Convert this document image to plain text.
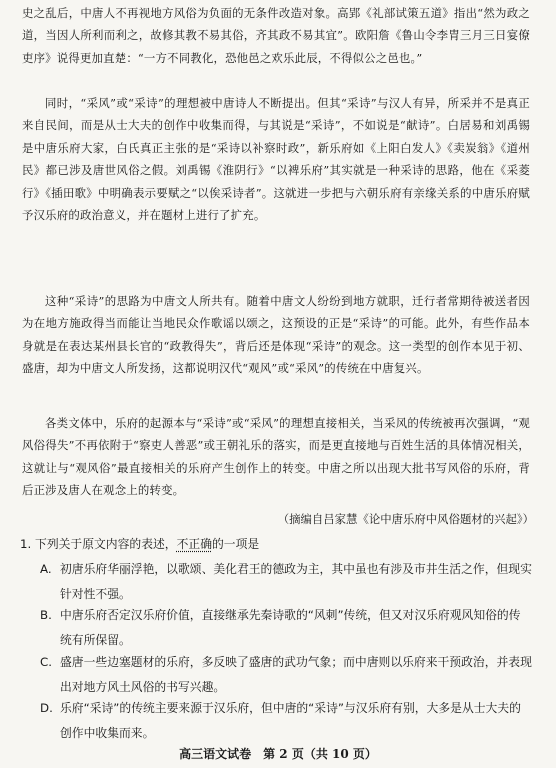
史之乱后，中唐人不再视地方风俗为负面的无条件改造对象。高郢《礼部试策五道》指出“然为政之道，当因人所利而利之，故修其教不易其俗，齐其政不易其宜”。欧阳詹《鲁山令李胄三月三日宴僚吏序》说得更加直楚：“一方不同教化，恐他邑之欢乐此辰，不得似公之邑也。”

同时，“采风”或“采诗”的理想被中唐诗人不断提出。但其“采诗”与汉人有异，所采并不是真正来自民间，而是从士大夫的创作中收集而得，与其说是“采诗”，不如说是“献诗”。白居易和刘禹锡是中唐乐府大家，白氏真正主张的是“采诗以补察时政”，新乐府如《上阳白发人》《卖炭翁》《道州民》都已涉及唐世风俗之假。刘禹锡《淮阴行》“以裨乐府”其实就是一种采诗的思路，他在《采菱行》《插田歌》中明确表示要赋之“以俟采诗者”。这就进一步把与六朝乐府有亲缘关系的中唐乐府赋予汉乐府的政治意义，并在题材上进行了扩充。

这种“采诗”的思路为中唐文人所共有。随着中唐文人纷纷到地方就职，迁行者常期待被送者因为在地方施政得当而能让当地民众作歌谣以颂之，这预设的正是“采诗”的可能。此外，有些作品本身就是在表达某州县长官的“政教得失”，背后还是体现“采诗”的观念。这一类型的创作本见于初、盛唐，却为中唐文人所发扬，这都说明汉代“观风”或“采风”的传统在中唐复兴。

各类文体中，乐府的起源本与“采诗”或“采风”的理想直接相关，当采风的传统被再次强调，“观风俗得失”不再依附于“察吏人善恶”或王朝礼乐的落实，而是更直接地与百姓生活的具体情况相关，这就让与“观风俗”最直接相关的乐府产生创作上的转变。中唐之所以出现大批书写风俗的乐府，背后正涉及唐人在观念上的转变。

（摘编自吕家慧《论中唐乐府中风俗题材的兴起》）
1. 下列关于原文内容的表述，不正确的一项是
A. 初唐乐府华丽浮艳，以歌颂、美化君王的德政为主，其中虽也有涉及市井生活之作，但现实针对性不强。
B. 中唐乐府否定汉乐府价值，直接继承先秦诗歌的“风刺”传统，但又对汉乐府观风知俗的传统有所保留。
C. 盛唐一些边塞题材的乐府，多反映了盛唐的武功气象；而中唐则以乐府来干预政治，并表现出对地方风土风俗的书写兴趣。
D. 乐府“采诗”的传统主要来源于汉乐府，但中唐的“采诗”与汉乐府有别，大多是从士大夫的创作中收集而来。
高三语文试卷　第 2 页（共 10 页）
